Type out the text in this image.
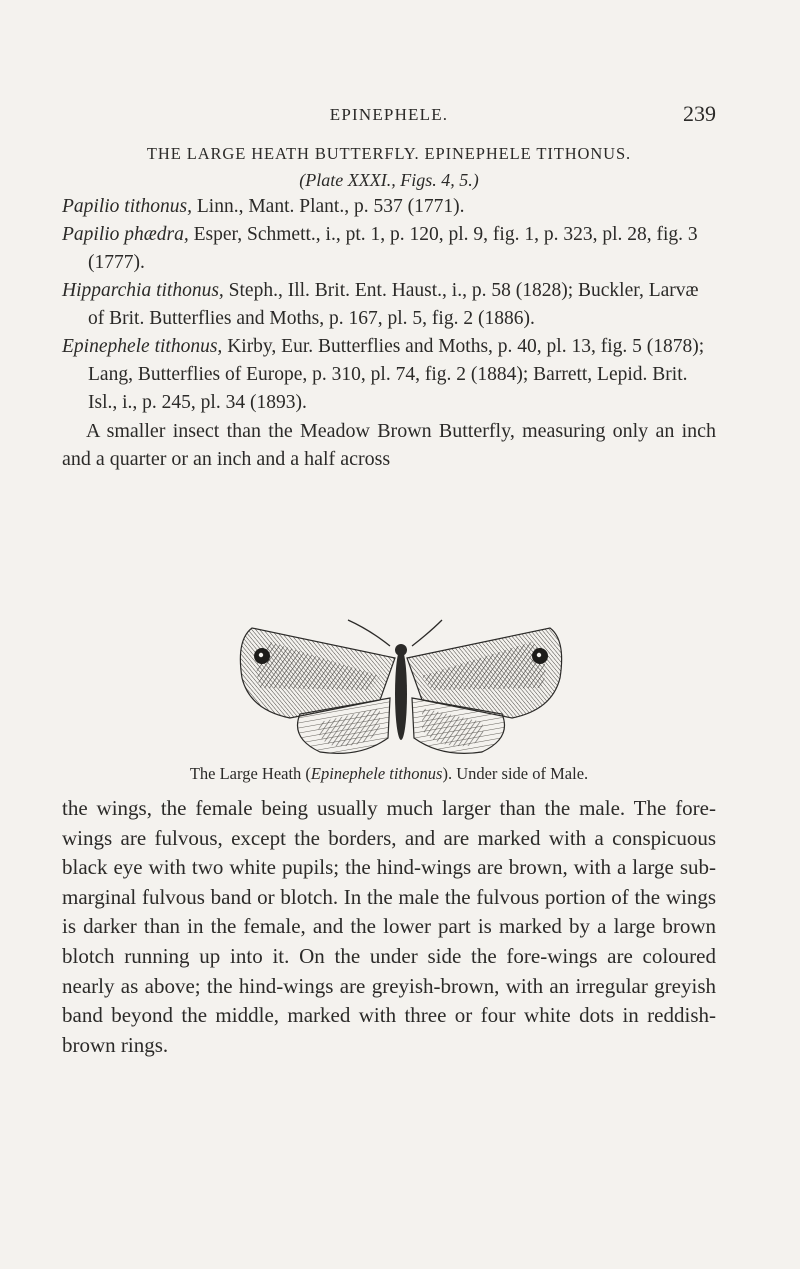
EPINEPHELE.	239

THE LARGE HEATH BUTTERFLY. EPINEPHELE TITHONUS.

(Plate XXXI., Figs. 4, 5.)

Papilio tithonus, Linn., Mant. Plant., p. 537 (1771).

Papilio phædra, Esper, Schmett., i., pt. 1, p. 120, pl. 9, fig. 1, p. 323, pl. 28, fig. 3 (1777).

Hipparchia tithonus, Steph., Ill. Brit. Ent. Haust., i., p. 58 (1828); Buckler, Larvæ of Brit. Butterflies and Moths, p. 167, pl. 5, fig. 2 (1886).

Epinephele tithonus, Kirby, Eur. Butterflies and Moths, p. 40, pl. 13, fig. 5 (1878); Lang, Butterflies of Europe, p. 310, pl. 74, fig. 2 (1884); Barrett, Lepid. Brit. Isl., i., p. 245, pl. 34 (1893).

A smaller insect than the Meadow Brown Butterfly, measuring only an inch and a quarter or an inch and a half across

The Large Heath (Epinephele tithonus). Under side of Male.

the wings, the female being usually much larger than the male. The fore-wings are fulvous, except the borders, and are marked with a conspicuous black eye with two white pupils; the hind-wings are brown, with a large sub-marginal fulvous band or blotch. In the male the fulvous portion of the wings is darker than in the female, and the lower part is marked by a large brown blotch running up into it. On the under side the fore-wings are coloured nearly as above; the hind-wings are greyish-brown, with an irregular greyish band beyond the middle, marked with three or four white dots in reddish-brown rings.
